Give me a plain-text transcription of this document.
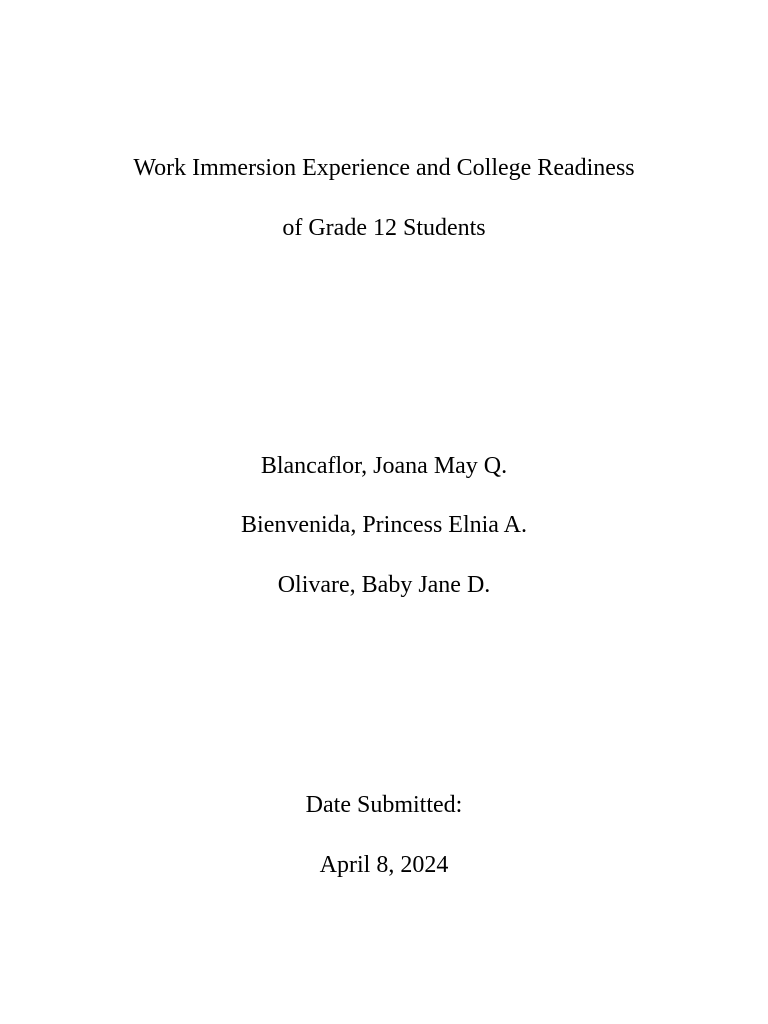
Work Immersion Experience and College Readiness
of Grade 12 Students
Blancaflor, Joana May Q.
Bienvenida, Princess Elnia A.
Olivare, Baby Jane D.
Date Submitted:
April 8, 2024
